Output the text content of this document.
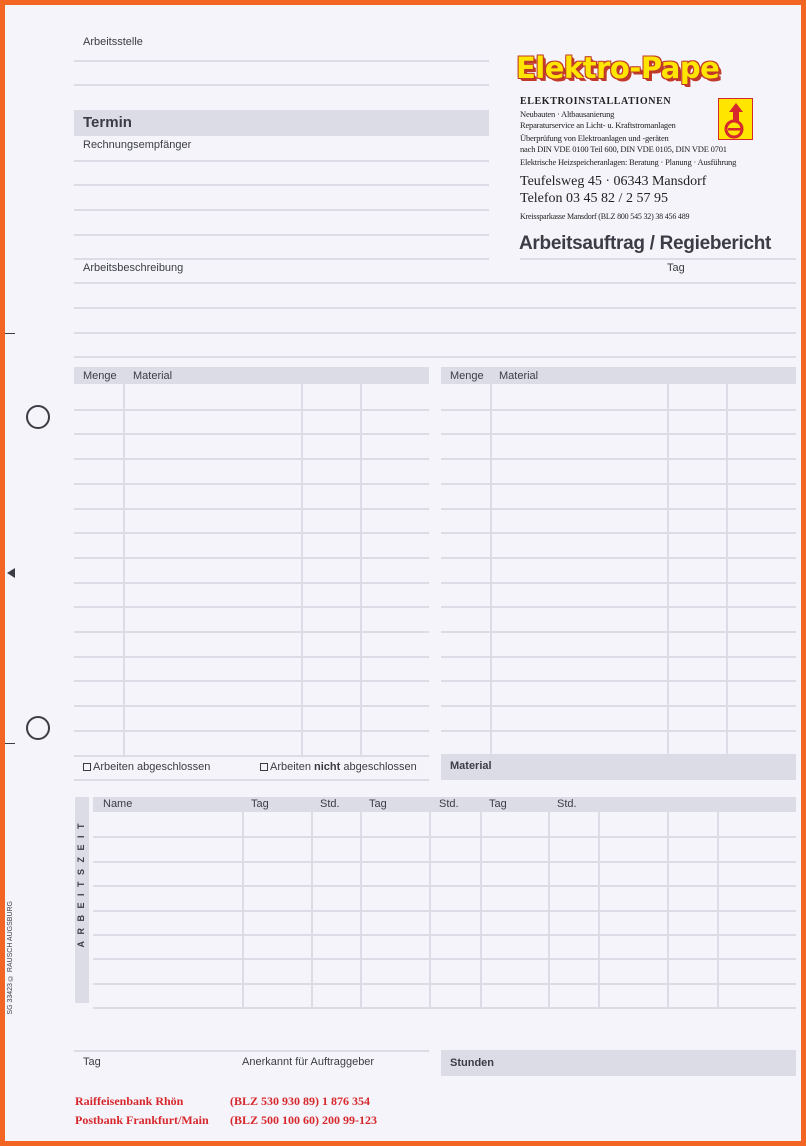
SG 33423 © RAUSCH AUGSBURG
Arbeitsstelle
Termin
Rechnungsempfänger
Elektro-Pape
ELEKTROINSTALLATIONEN
Neubauten · Altbausanierung
Reparaturservice an Licht- u. Kraftstromanlagen
Überprüfung von Elektroanlagen und -geräten
nach DIN VDE 0100 Teil 600, DIN VDE 0105, DIN VDE 0701
Elektrische Heizspeicheranlagen: Beratung · Planung · Ausführung
Teufelsweg 45 · 06343 Mansdorf
Telefon 03 45 82 / 2 57 95
Kreissparkasse Mansdorf (BLZ 800 545 32) 38 456 489
Arbeitsauftrag / Regiebericht
Tag
Arbeitsbeschreibung
Menge Material	Menge Material
Arbeiten abgeschlossen	Arbeiten nicht abgeschlossen	Material
ARBEITSZEIT
Name	Tag	Std.	Tag	Std.	Tag	Std.
Tag	Anerkannt für Auftraggeber	Stunden
Raiffeisenbank Rhön	(BLZ 530 930 89) 1 876 354
Postbank Frankfurt/Main (BLZ 500 100 60) 200 99-123
